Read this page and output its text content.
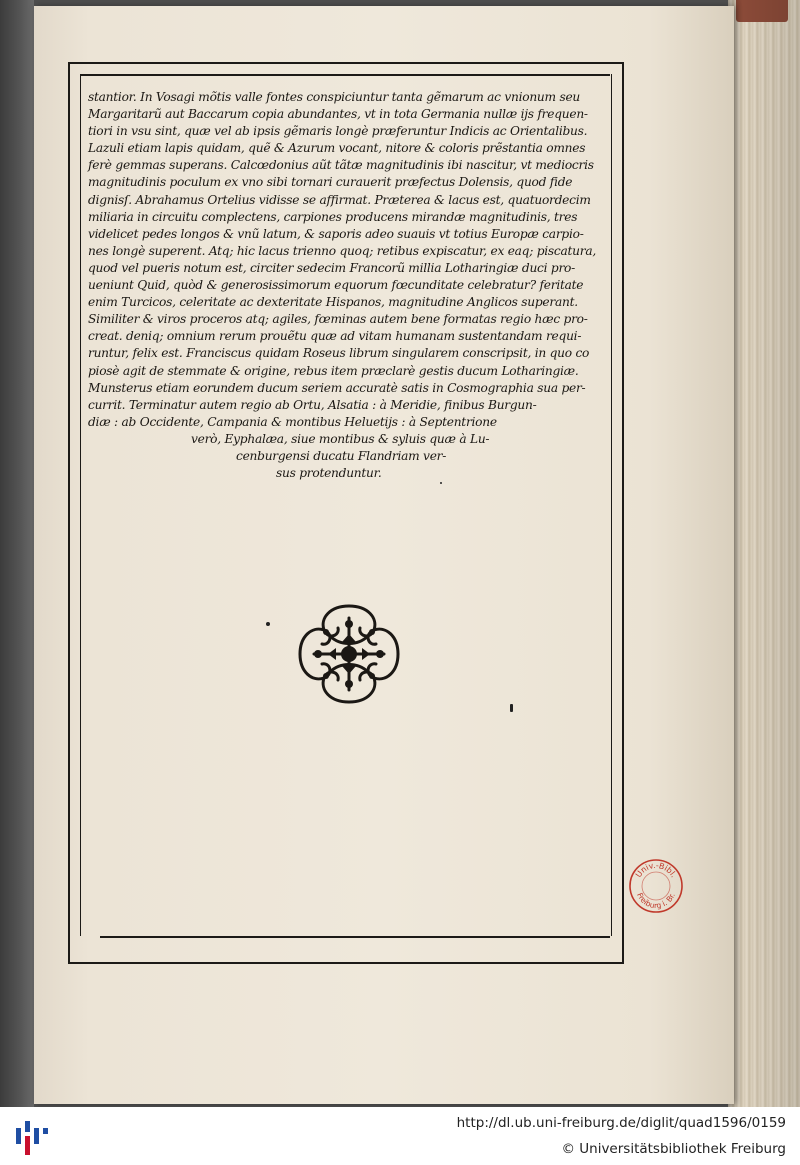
stantior. In Vosagi mõtis valle fontes conspiciuntur tanta gẽmarum ac vnionum seu
Margaritarũ aut Baccarum copia abundantes, vt in tota Germania nullæ ijs frequen-
tiori in vsu sint, quæ vel ab ipsis gẽmaris longè præferuntur Indicis ac Orientalibus.
Lazuli etiam lapis quidam, quẽ & Azurum vocant, nitore & coloris prẽstantia omnes
ferè gemmas superans. Calcœdonius aũt tãtæ magnitudinis ibi nascitur, vt mediocris
magnitudinis poculum ex vno sibi tornari curauerit præfectus Dolensis, quod fide
dignisſ. Abrahamus Ortelius vidisse se affirmat. Præterea & lacus est, quatuordecim
miliaria in circuitu complectens, carpiones producens mirandæ magnitudinis, tres
videlicet pedes longos & vnũ latum, & saporis adeo suauis vt totius Europæ carpio-
nes longè superent. Atq; hic lacus trienno quoq; retibus expiscatur, ex eaq; piscatura,
quod vel pueris notum est, circiter sedecim Francorũ millia Lotharingiæ duci pro-
ueniunt Quid, quòd & generosissimorum equorum fœcunditate celebratur? feritate
enim Turcicos, celeritate ac dexteritate Hispanos, magnitudine Anglicos superant.
Similiter & viros proceros atq; agiles, fœminas autem bene formatas regio hæc pro-
creat. deniq; omnium rerum prouẽtu quæ ad vitam humanam sustentandam requi-
runtur, felix est. Franciscus quidam Roseus librum singularem conscripsit, in quo co
piosè agit de stemmate & origine, rebus item præclarè gestis ducum Lotharingiæ.
Munsterus etiam eorundem ducum seriem accuratè satis in Cosmographia sua per-
currit. Terminatur autem regio ab Ortu, Alsatia : à Meridie, finibus Burgun-
diæ : ab Occidente, Campania & montibus Heluetijs : à Septentrione
verò, Eyphalæa, siue montibus & syluis quæ à Lu-
cenburgensi ducatu Flandriam ver-
sus protenduntur.
Univ.-Bibl.
Freiburg i. Br.
http://dl.ub.uni-freiburg.de/diglit/quad1596/0159
© Universitätsbibliothek Freiburg
